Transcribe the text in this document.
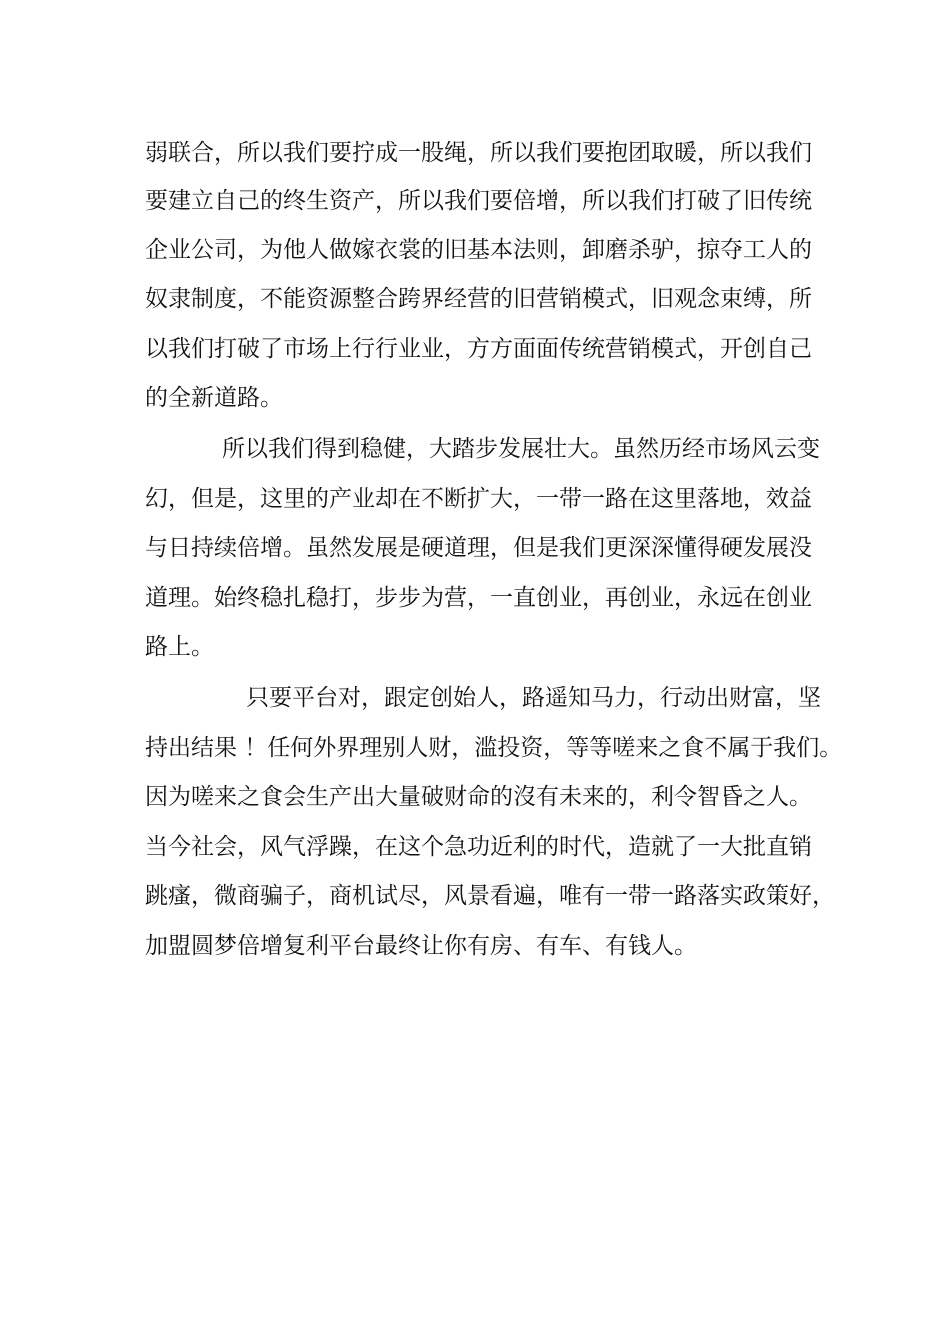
弱联合，所以我们要拧成一股绳，所以我们要抱团取暖，所以我们

要建立自己的终生资产，所以我们要倍增，所以我们打破了旧传统

企业公司，为他人做嫁衣裳的旧基本法则，卸磨杀驴，掠夺工人的

奴隶制度，不能资源整合跨界经营的旧营销模式，旧观念束缚，所

以我们打破了市场上行行业业，方方面面传统营销模式，开创自己

的全新道路。

所以我们得到稳健，大踏步发展壮大。虽然历经市场风云变

幻，但是，这里的产业却在不断扩大，一带一路在这里落地，效益

与日持续倍增。虽然发展是硬道理，但是我们更深深懂得硬发展没

道理。始终稳扎稳打，步步为营，一直创业，再创业，永远在创业

路上。

只要平台对，跟定创始人，路遥知马力，行动出财富，坚

持出结果 ！任何外界理别人财，滥投资，等等嗟来之食不属于我们。

因为嗟来之食会生产出大量破财命的沒有未来的，利令智昏之人。

当今社会，风气浮躁，在这个急功近利的时代，造就了一大批直销

跳瘙，微商骗子，商机试尽，风景看遍，唯有一带一路落实政策好，

加盟圆梦倍增复利平台最终让你有房、有车、有钱人。
